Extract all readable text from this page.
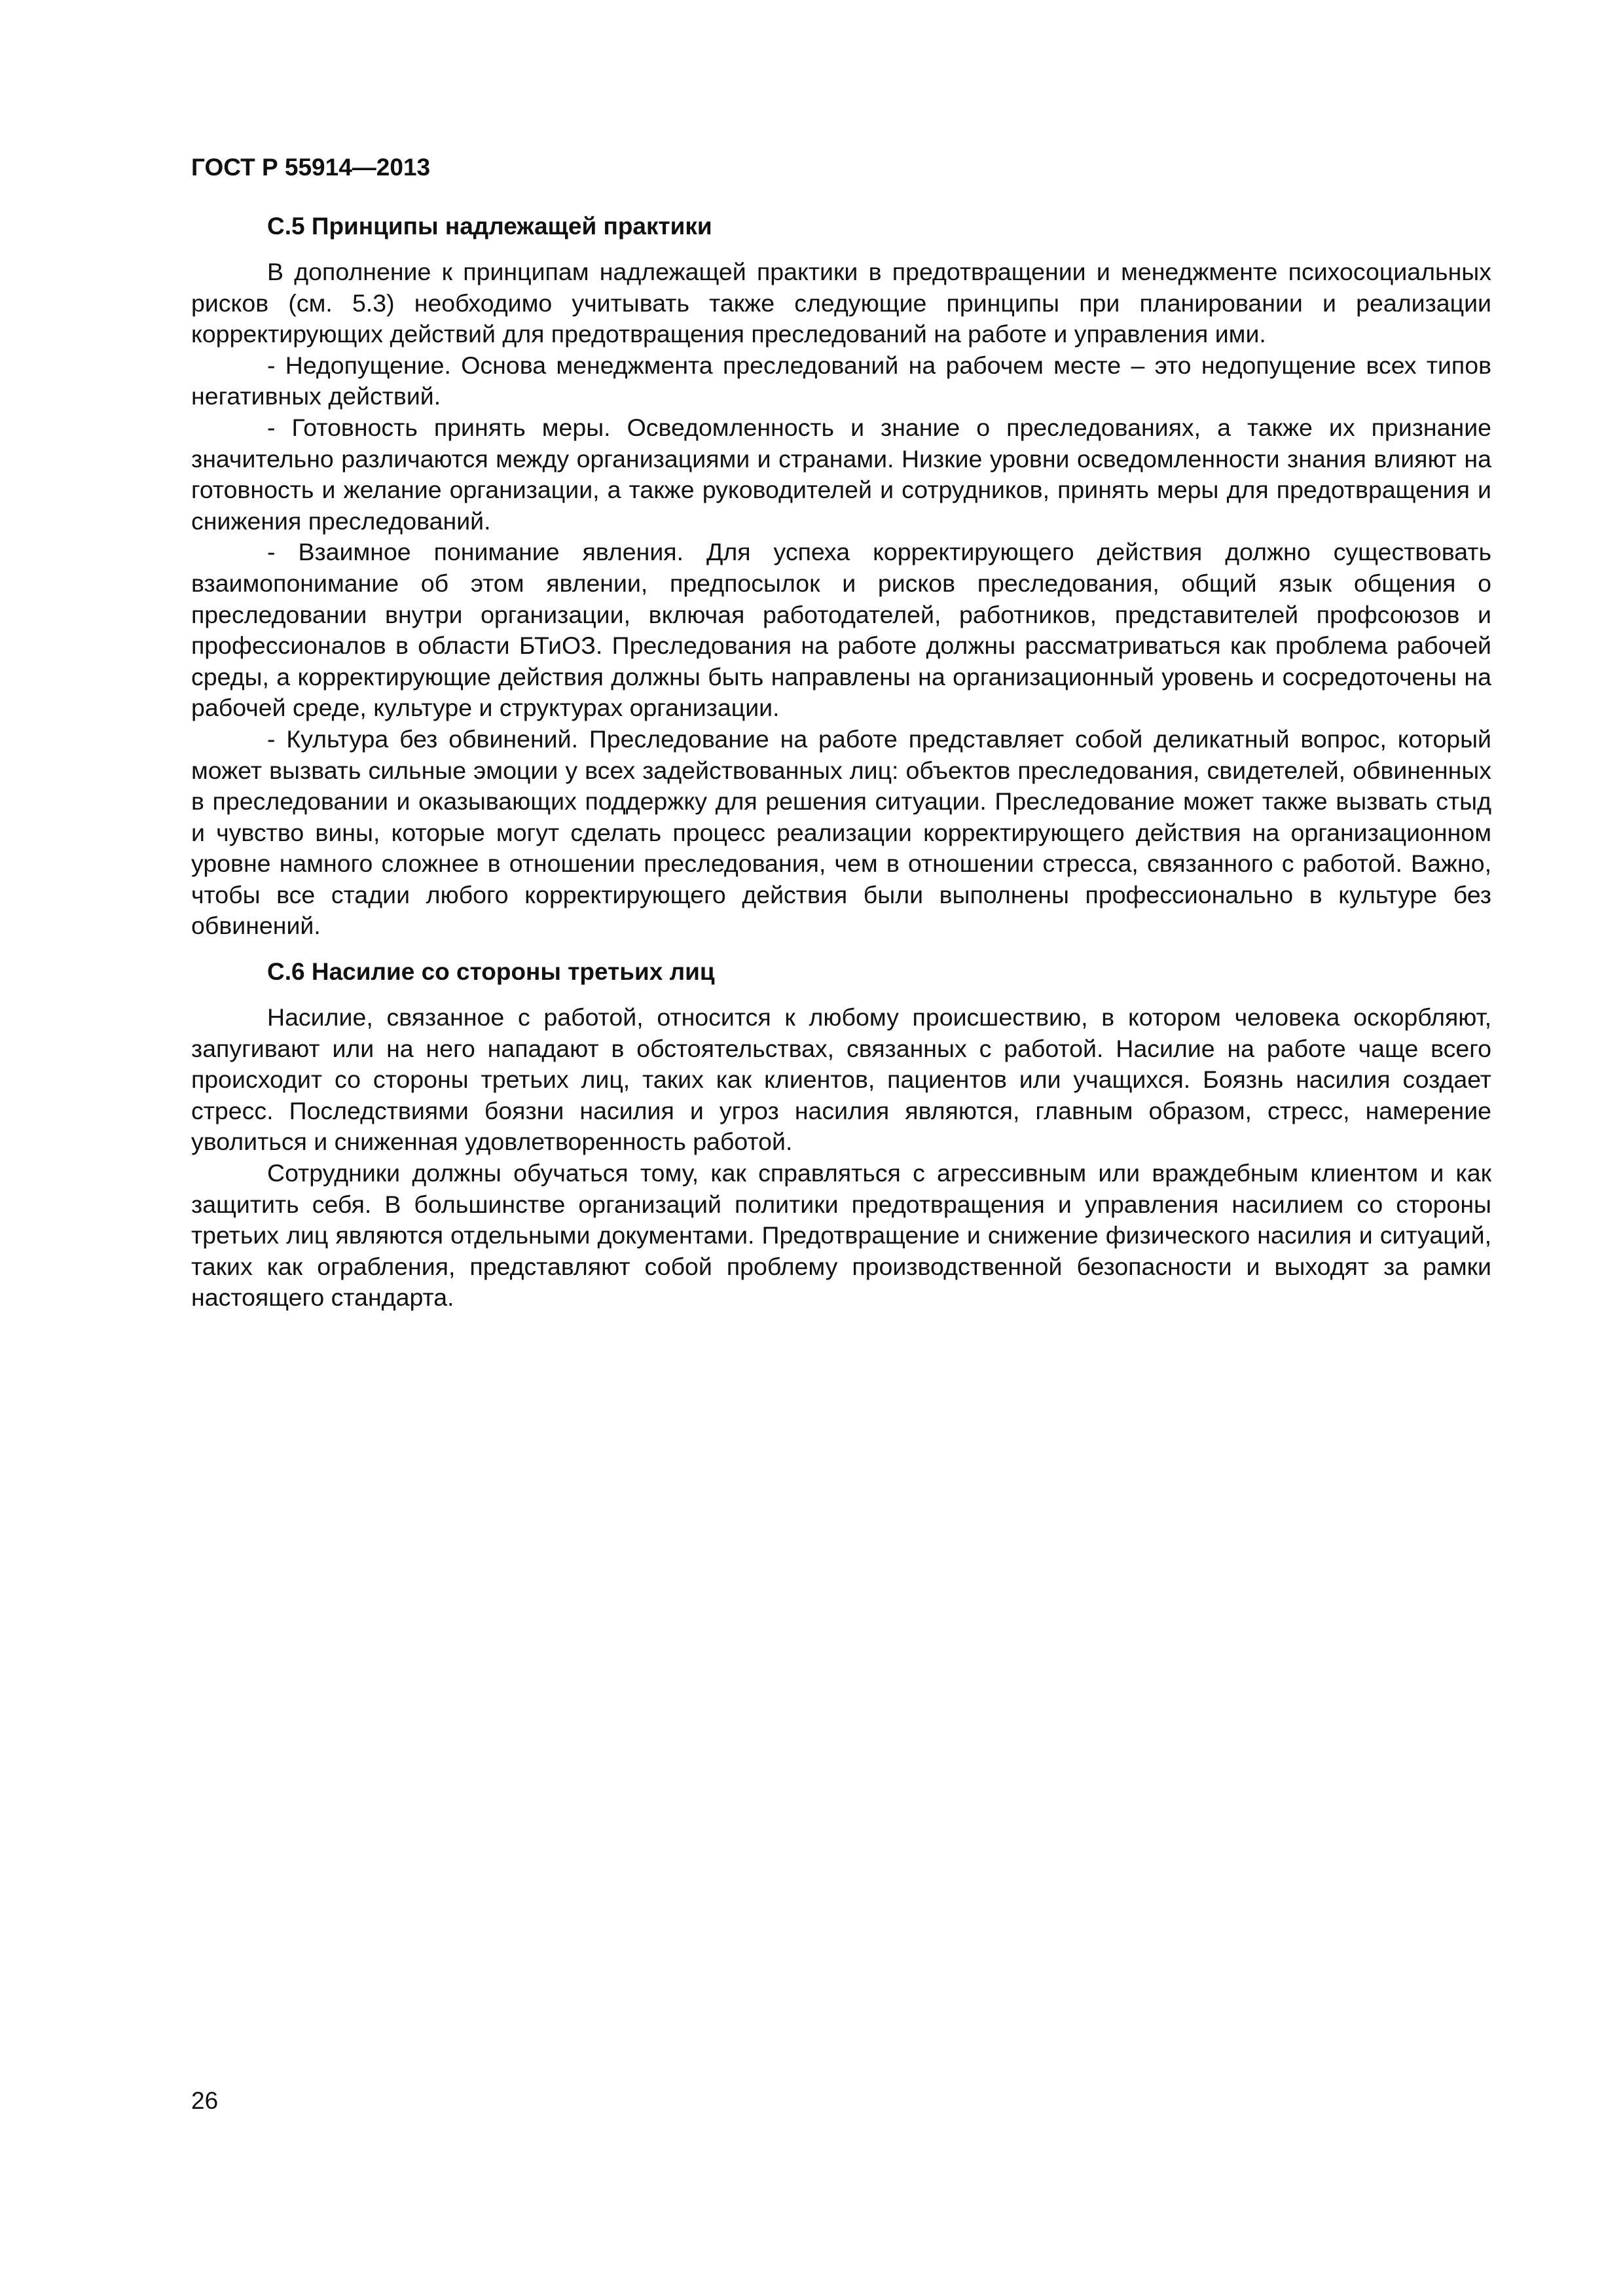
ГОСТ Р 55914—2013

С.5 Принципы надлежащей практики

В дополнение к принципам надлежащей практики в предотвращении и менеджменте психосоциальных рисков (см. 5.3) необходимо учитывать также следующие принципы при планировании и реализации корректирующих действий для предотвращения преследований на работе и управления ими.

- Недопущение. Основа менеджмента преследований на рабочем месте – это недопущение всех типов негативных действий.

- Готовность принять меры. Осведомленность и знание о преследованиях, а также их признание значительно различаются между организациями и странами. Низкие уровни осведомленности знания влияют на готовность и желание организации, а также руководителей и сотрудников, принять меры для предотвращения и снижения преследований.

- Взаимное понимание явления. Для успеха корректирующего действия должно существовать взаимопонимание об этом явлении, предпосылок и рисков преследования, общий язык общения о преследовании внутри организации, включая работодателей, работников, представителей профсоюзов и профессионалов в области БТиОЗ. Преследования на работе должны рассматриваться как проблема рабочей среды, а корректирующие действия должны быть направлены на организационный уровень и сосредоточены на рабочей среде, культуре и структурах организации.

- Культура без обвинений. Преследование на работе представляет собой деликатный вопрос, который может вызвать сильные эмоции у всех задействованных лиц: объектов преследования, свидетелей, обвиненных в преследовании и оказывающих поддержку для решения ситуации. Преследование может также вызвать стыд и чувство вины, которые могут сделать процесс реализации корректирующего действия на организационном уровне намного сложнее в отношении преследования, чем в отношении стресса, связанного с работой. Важно, чтобы все стадии любого корректирующего действия были выполнены профессионально в культуре без обвинений.

С.6 Насилие со стороны третьих лиц

Насилие, связанное с работой, относится к любому происшествию, в котором человека оскорбляют, запугивают или на него нападают в обстоятельствах, связанных с работой. Насилие на работе чаще всего происходит со стороны третьих лиц, таких как клиентов, пациентов или учащихся. Боязнь насилия создает стресс. Последствиями боязни насилия и угроз насилия являются, главным образом, стресс, намерение уволиться и сниженная удовлетворенность работой.

Сотрудники должны обучаться тому, как справляться с агрессивным или враждебным клиентом и как защитить себя. В большинстве организаций политики предотвращения и управления насилием со стороны третьих лиц являются отдельными документами. Предотвращение и снижение физического насилия и ситуаций, таких как ограбления, представляют собой проблему производственной безопасности и выходят за рамки настоящего стандарта.

26
